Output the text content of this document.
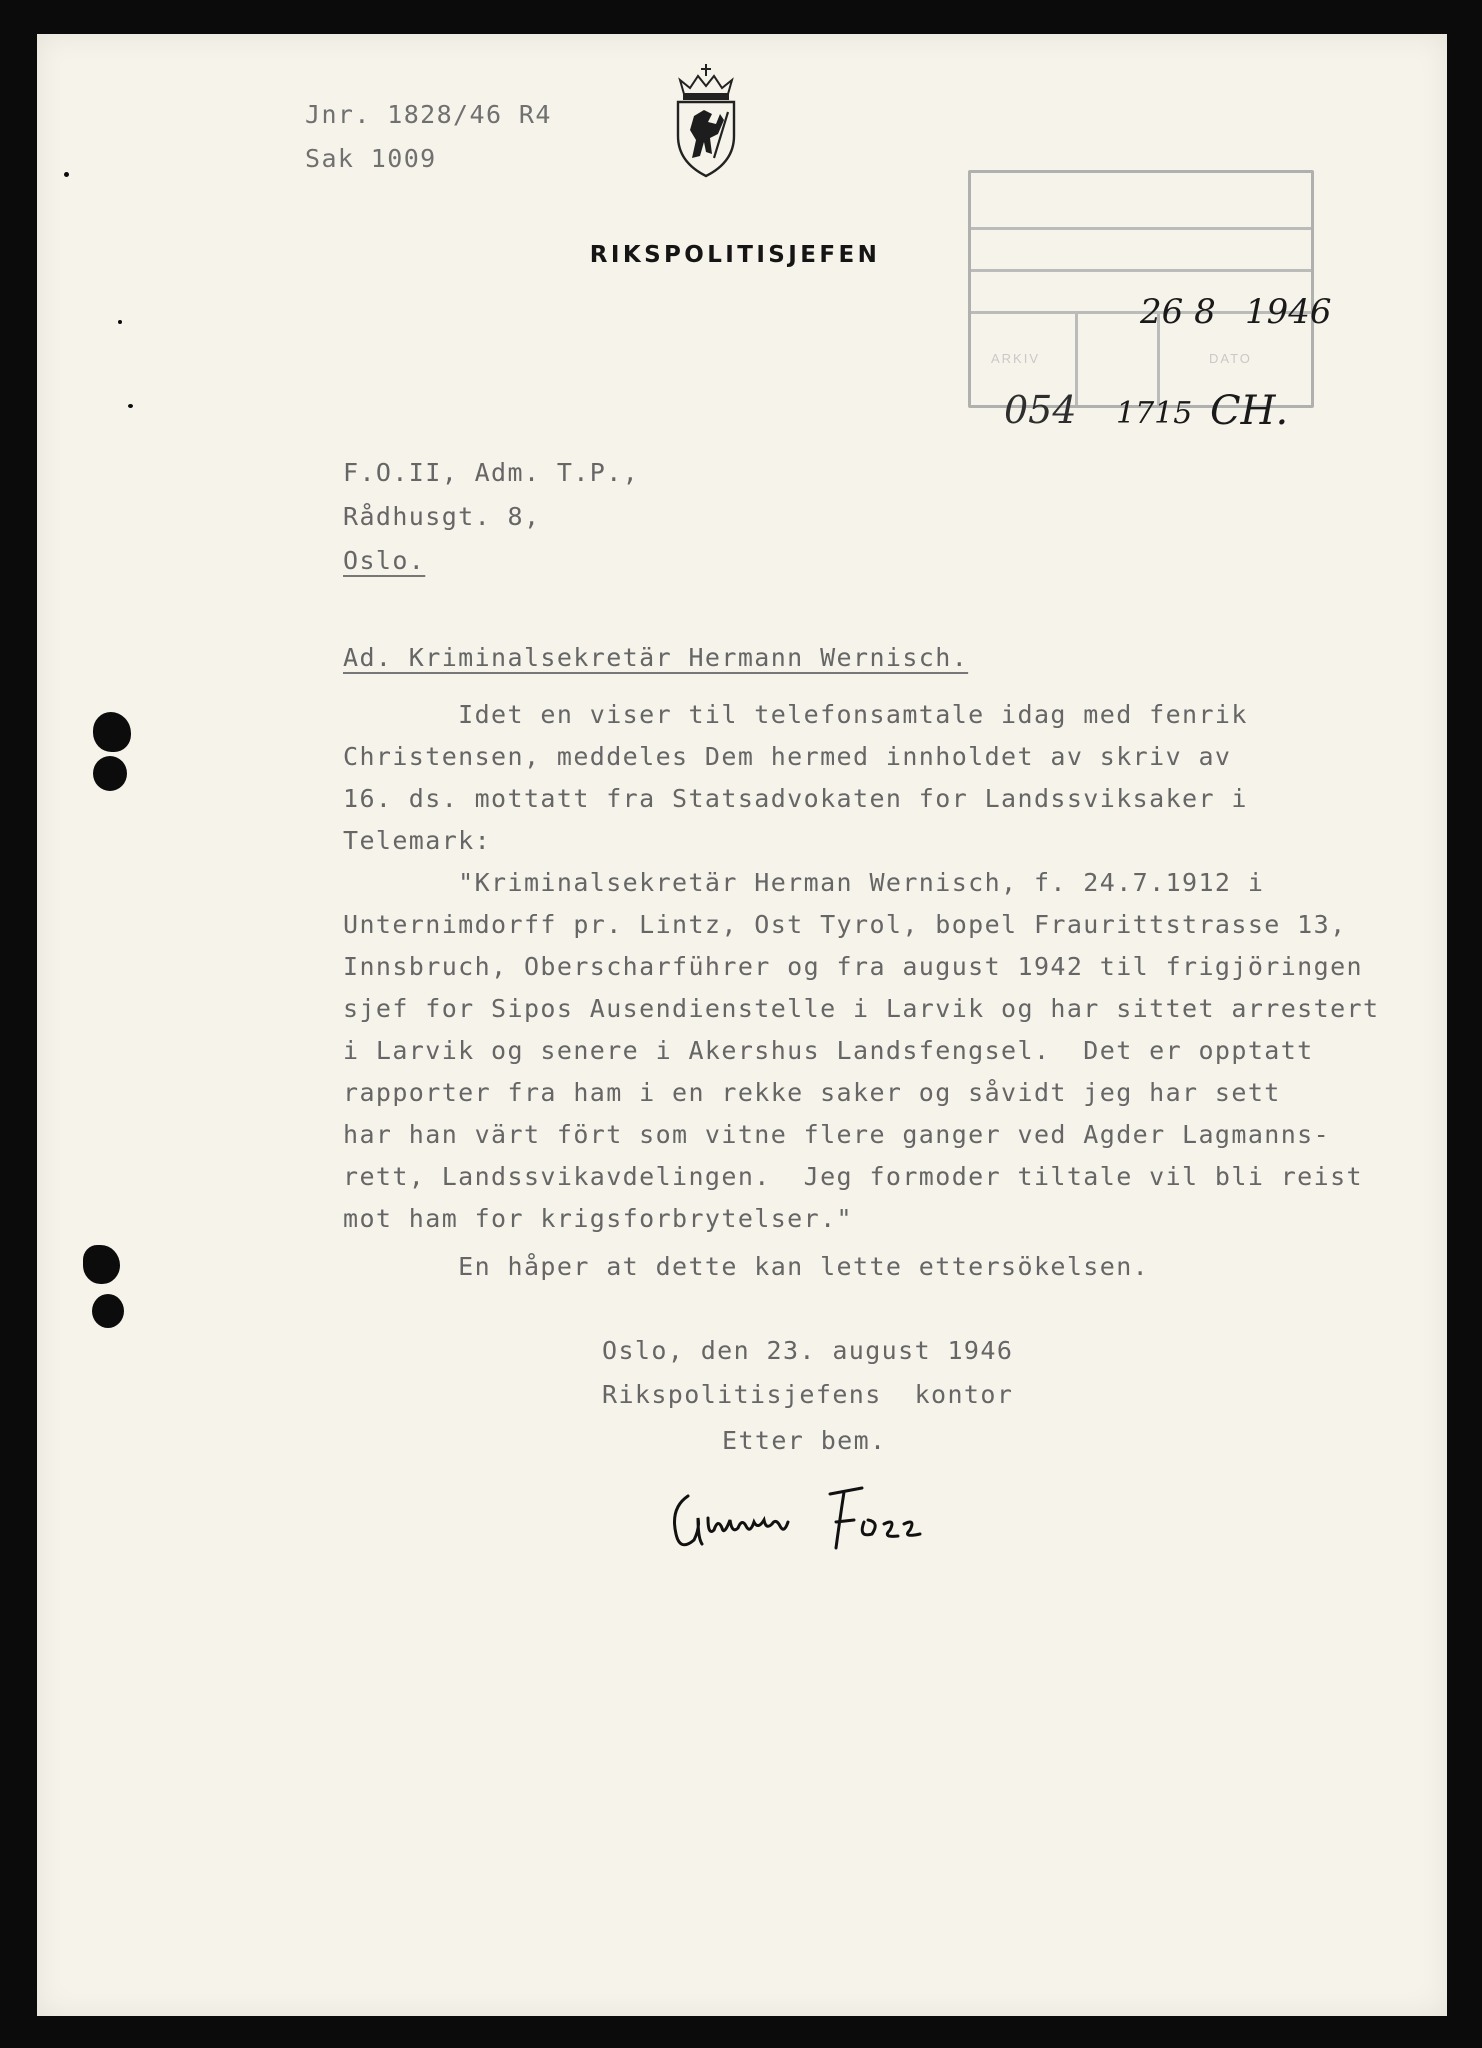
Jnr. 1828/46 R4

Sak 1009

RIKSPOLITISJEFEN

ARKIV	DATO

26 8 1946

054 1715 CH.

F.O.II, Adm. T.P.,

Rådhusgt. 8,

Oslo.

Ad. Kriminalsekretär Hermann Wernisch.

Idet en viser til telefonsamtale idag med fenrik

Christensen, meddeles Dem hermed innholdet av skriv av

16. ds. mottatt fra Statsadvokaten for Landssviksaker i

Telemark:

"Kriminalsekretär Herman Wernisch, f. 24.7.1912 i

Unternimdorff pr. Lintz, Ost Tyrol, bopel Fraurittstrasse 13,

Innsbruch, Oberscharführer og fra august 1942 til frigjöringen

sjef for Sipos Ausendienstelle i Larvik og har sittet arrestert

i Larvik og senere i Akershus Landsfengsel.  Det er opptatt

rapporter fra ham i en rekke saker og såvidt jeg har sett

har han värt fört som vitne flere ganger ved Agder Lagmanns-

rett, Landssvikavdelingen.  Jeg formoder tiltale vil bli reist

mot ham for krigsforbrytelser."

En håper at dette kan lette ettersökelsen.

Oslo, den 23. august 1946

Rikspolitisjefens  kontor

Etter bem.
